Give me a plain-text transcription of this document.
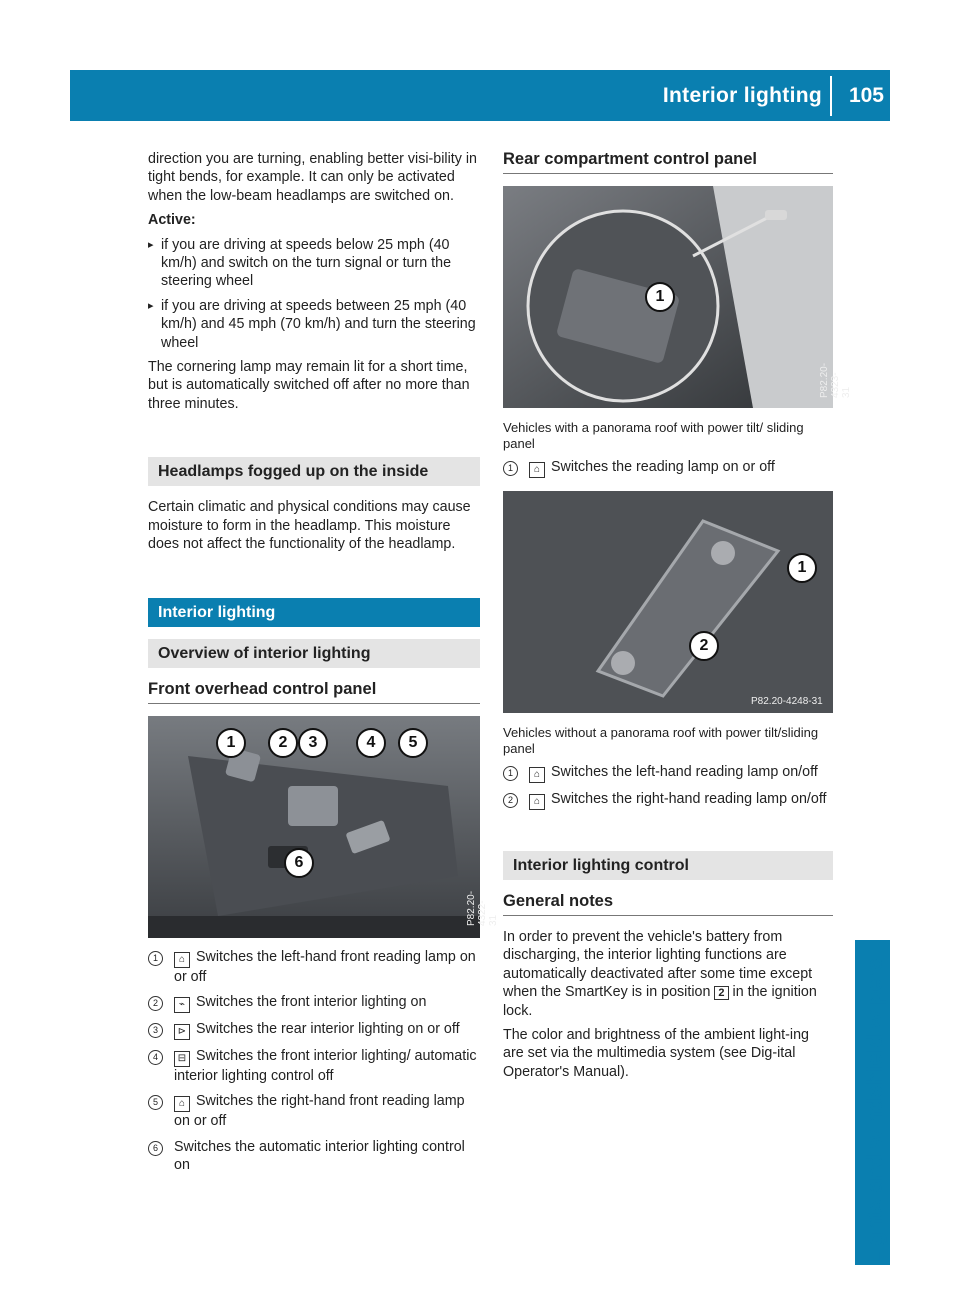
Interior lighting 105
Lights and windshield wipers

direction you are turning, enabling better visi-bility in tight bends, for example. It can only be activated when the low-beam headlamps are switched on.

Active:

▸ if you are driving at speeds below 25 mph (40 km/h) and switch on the turn signal or turn the steering wheel
▸ if you are driving at speeds between 25 mph (40 km/h) and 45 mph (70 km/h) and turn the steering wheel

The cornering lamp may remain lit for a short time, but is automatically switched off after no more than three minutes.

Headlamps fogged up on the inside

Certain climatic and physical conditions may cause moisture to form in the headlamp. This moisture does not affect the functionality of the headlamp.

Interior lighting
Overview of interior lighting
Front overhead control panel
1	2	3	4	5
6
P82.20-4322-31
1	⌂ Switches the left-hand front reading lamp on or off
2	⌁ Switches the front interior lighting on
3	⊳ Switches the rear interior lighting on or off
4	⊟ Switches the front interior lighting/ automatic interior lighting control off
5	⌂ Switches the right-hand front reading lamp on or off
6	Switches the automatic interior lighting control on
Rear compartment control panel
1
P82.20-4323-31
Vehicles with a panorama roof with power tilt/ sliding panel
1	⌂ Switches the reading lamp on or off
1
2
P82.20-4248-31
Vehicles without a panorama roof with power tilt/sliding panel
1	⌂ Switches the left-hand reading lamp on/off
2	⌂ Switches the right-hand reading lamp on/off
Interior lighting control
General notes

In order to prevent the vehicle's battery from discharging, the interior lighting functions are automatically deactivated after some time except when the SmartKey is in position 2 in the ignition lock.

The color and brightness of the ambient light-ing are set via the multimedia system (see Dig-ital Operator's Manual).
